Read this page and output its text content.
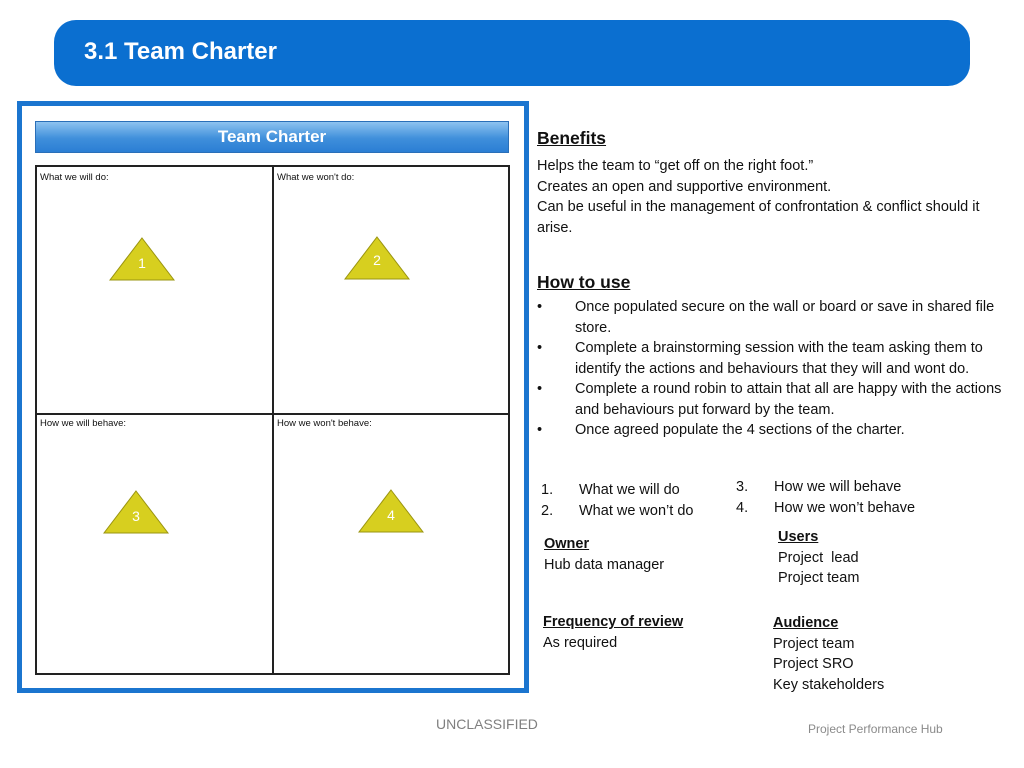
3.1 Team Charter
Team Charter
What we will do:	What we won't do:
How we will behave:	How we won't behave:
1	2
3	4
Benefits
Helps the team to “get off on the right foot.”
Creates an open and supportive environment.
Can be useful in the management of confrontation & conflict should it arise.
How to use
• Once populated secure on the wall or board or save in shared file store.
• Complete a brainstorming session with the team asking them to identify the actions and behaviours that they will and wont do.
• Complete a round robin to attain that all are happy with the actions and behaviours put forward by the team.
• Once agreed populate the 4 sections of the charter.
1. What we will do
2. What we won’t do
3. How we will behave
4. How we won’t behave
Owner
Hub data manager
Users
Project  lead
Project team
Frequency of review
As required
Audience
Project team
Project SRO
Key stakeholders
UNCLASSIFIED	Project Performance Hub
